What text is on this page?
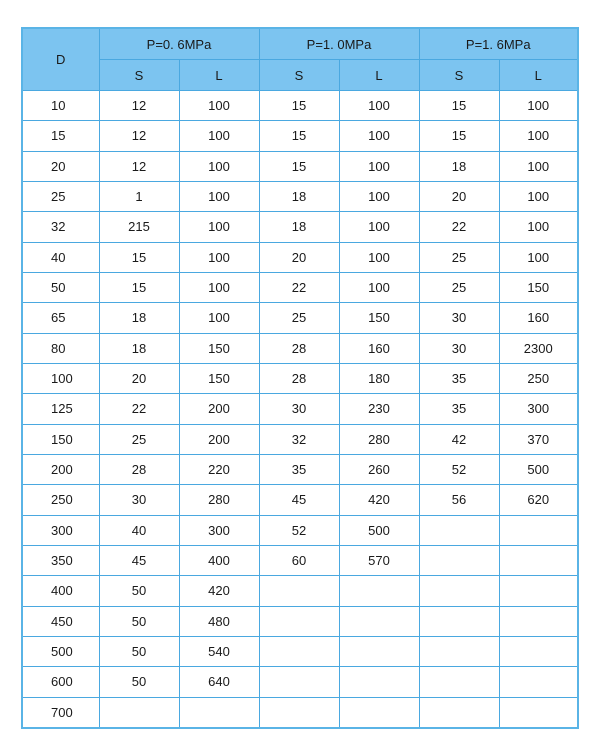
D	P=0. 6MPa		P=1. 0MPa		P=1. 6MPa	
	S	L	S	L	S	L
10	12	100	15	100	15	100
15	12	100	15	100	15	100
20	12	100	15	100	18	100
25	1	100	18	100	20	100
32	215	100	18	100	22	100
40	15	100	20	100	25	100
50	15	100	22	100	25	150
65	18	100	25	150	30	160
80	18	150	28	160	30	2300
100	20	150	28	180	35	250
125	22	200	30	230	35	300
150	25	200	32	280	42	370
200	28	220	35	260	52	500
250	30	280	45	420	56	620
300	40	300	52	500		
350	45	400	60	570		
400	50	420				
450	50	480				
500	50	540				
600	50	640				
700						
